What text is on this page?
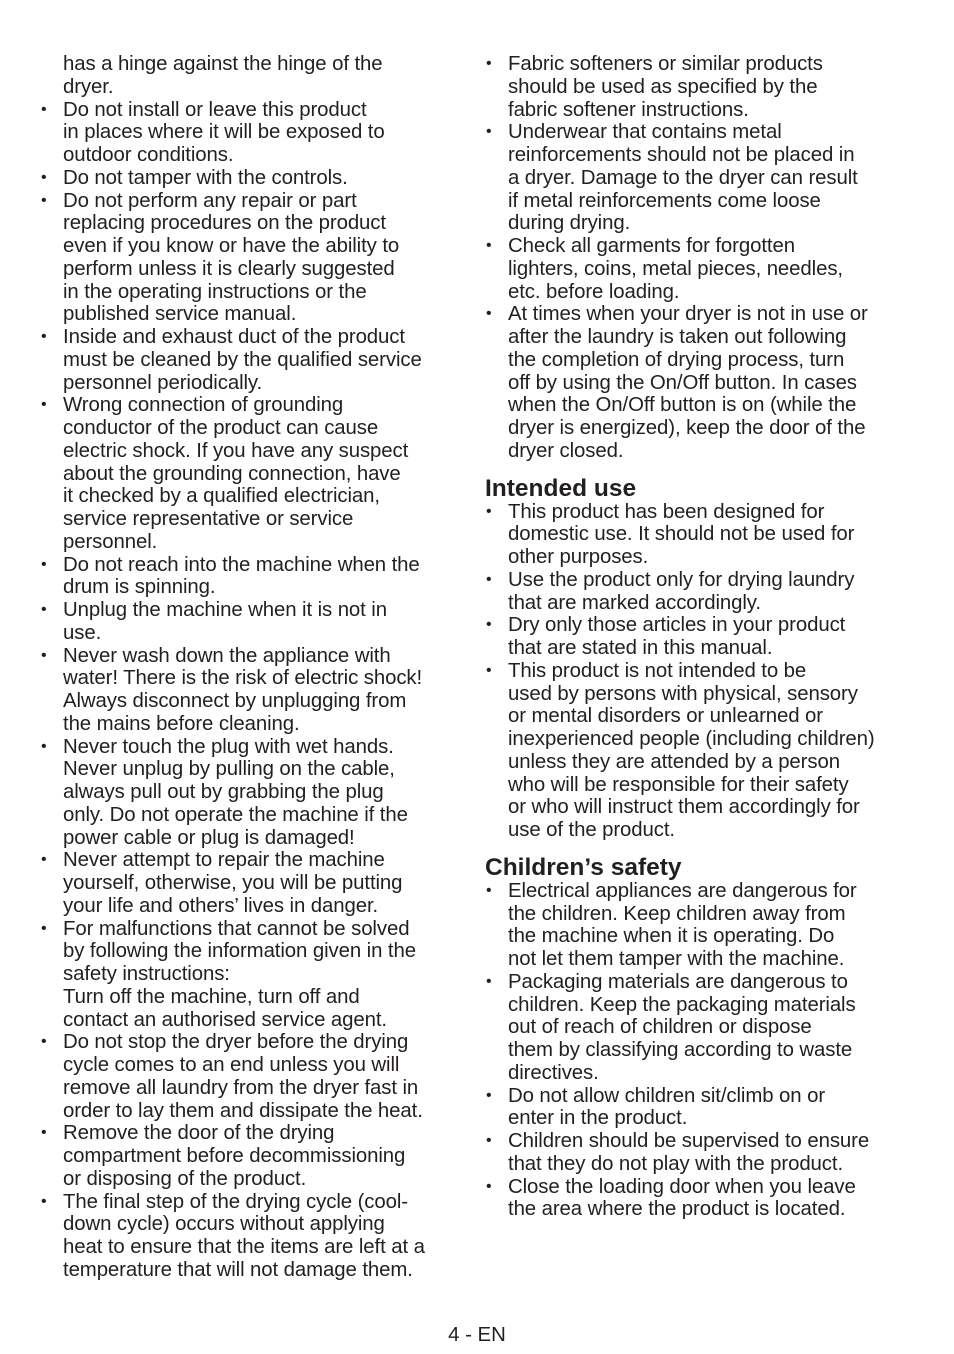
has a hinge against the hinge of the
dryer.
• Do not install or leave this product
in places where it will be exposed to
outdoor conditions.
• Do not tamper with the controls.
• Do not perform any repair or part
replacing procedures on the product
even if you know or have the ability to
perform unless it is clearly suggested
in the operating instructions or the
published service manual.
• Inside and exhaust duct of the product
must be cleaned by the qualified service
personnel periodically.
• Wrong connection of grounding
conductor of the product can cause
electric shock. If you have any suspect
about the grounding connection, have
it checked by a qualified electrician,
service representative or service
personnel.
• Do not reach into the machine when the
drum is spinning.
• Unplug the machine when it is not in
use.
• Never wash down the appliance with
water! There is the risk of electric shock!
Always disconnect by unplugging from
the mains before cleaning.
• Never touch the plug with wet hands.
Never unplug by pulling on the cable,
always pull out by grabbing the plug
only. Do not operate the machine if the
power cable or plug is damaged!
• Never attempt to repair the machine
yourself, otherwise, you will be putting
your life and others’ lives in danger.
• For malfunctions that cannot be solved
by following the information given in the
safety instructions:
Turn off the machine, turn off and
contact an authorised service agent.
• Do not stop the dryer before the drying
cycle comes to an end unless you will
remove all laundry from the dryer fast in
order to lay them and dissipate the heat.
• Remove the door of the drying
compartment before decommissioning
or disposing of the product.
• The final step of the drying cycle (cool-
down cycle) occurs without applying
heat to ensure that the items are left at a
temperature that will not damage them.
• Fabric softeners or similar products
should be used as specified by the
fabric softener instructions.
• Underwear that contains metal
reinforcements should not be placed in
a dryer. Damage to the dryer can result
if metal reinforcements come loose
during drying.
• Check all garments for forgotten
lighters, coins, metal pieces, needles,
etc. before loading.
• At times when your dryer is not in use or
after the laundry is taken out following
the completion of drying process, turn
off by using the On/Off button. In cases
when the On/Off button is on (while the
dryer is energized), keep the door of the
dryer closed.
Intended use
• This product has been designed for
domestic use. It should not be used for
other purposes.
• Use the product only for drying laundry
that are marked accordingly.
• Dry only those articles in your product
that are stated in this manual.
• This product is not intended to be
used by persons with physical, sensory
or mental disorders or unlearned or
inexperienced people (including children)
unless they are attended by a person
who will be responsible for their safety
or who will instruct them accordingly for
use of the product.
Children’s safety
• Electrical appliances are dangerous for
the children. Keep children away from
the machine when it is operating. Do
not let them tamper with the machine.
• Packaging materials are dangerous to
children. Keep the packaging materials
out of reach of children or dispose
them by classifying according to waste
directives.
• Do not allow children sit/climb on or
enter in the product.
• Children should be supervised to ensure
that they do not play with the product.
• Close the loading door when you leave
the area where the product is located.
4 - EN
